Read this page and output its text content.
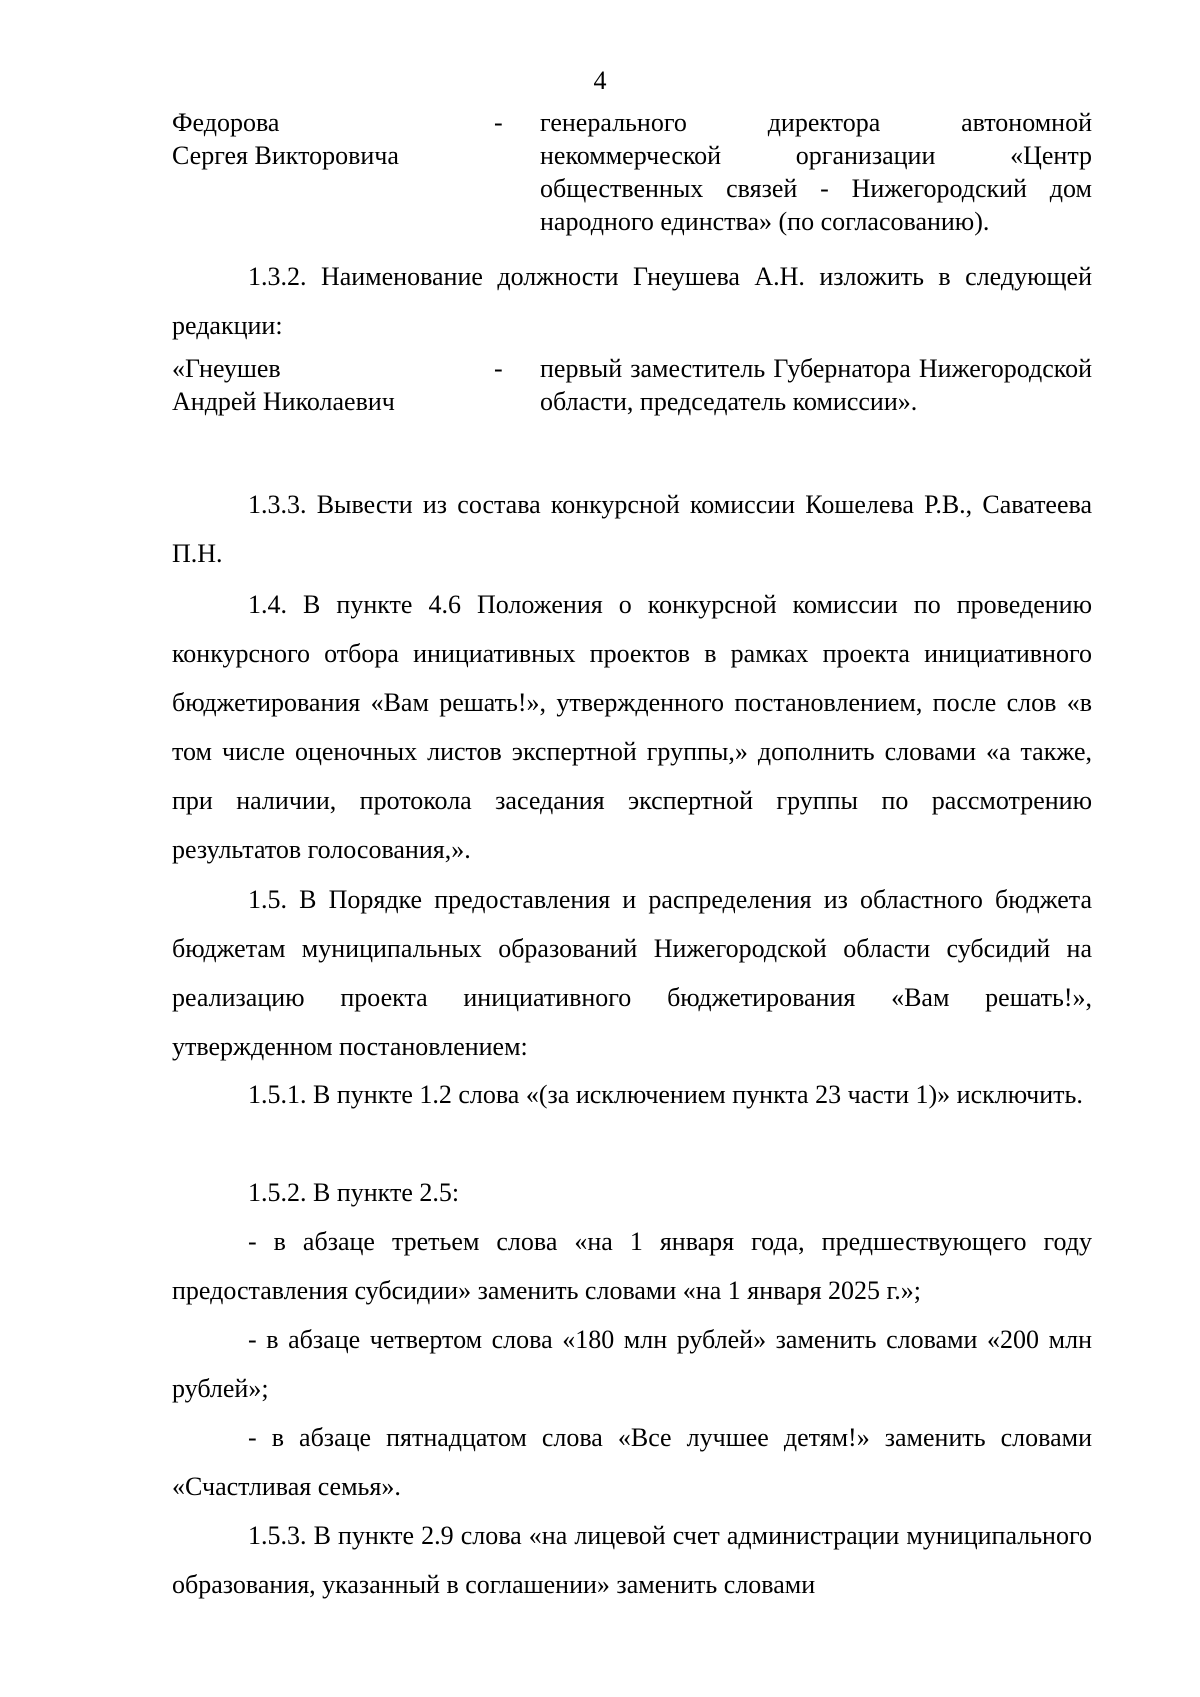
4
Федорова
Сергея Викторовича
- генерального директора автономной некоммерческой организации «Центр общественных связей - Нижегородский дом народного единства» (по согласованию).

1.3.2. Наименование должности Гнеушева А.Н. изложить в следующей редакции:

«Гнеушев
Андрей Николаевич
- первый заместитель Губернатора Нижегородской области, председатель комиссии».

1.3.3. Вывести из состава конкурсной комиссии Кошелева Р.В., Саватеева П.Н.

1.4. В пункте 4.6 Положения о конкурсной комиссии по проведению конкурсного отбора инициативных проектов в рамках проекта инициативного бюджетирования «Вам решать!», утвержденного постановлением, после слов «в том числе оценочных листов экспертной группы,» дополнить словами «а также, при наличии, протокола заседания экспертной группы по рассмотрению результатов голосования,».

1.5. В Порядке предоставления и распределения из областного бюджета бюджетам муниципальных образований Нижегородской области субсидий на реализацию проекта инициативного бюджетирования «Вам решать!», утвержденном постановлением:

1.5.1. В пункте 1.2 слова «(за исключением пункта 23 части 1)» исключить.

1.5.2. В пункте 2.5:

- в абзаце третьем слова «на 1 января года, предшествующего году предоставления субсидии» заменить словами «на 1 января 2025 г.»;

- в абзаце четвертом слова «180 млн рублей» заменить словами «200 млн рублей»;

- в абзаце пятнадцатом слова «Все лучшее детям!» заменить словами «Счастливая семья».

1.5.3. В пункте 2.9 слова «на лицевой счет администрации муниципального образования, указанный в соглашении» заменить словами
